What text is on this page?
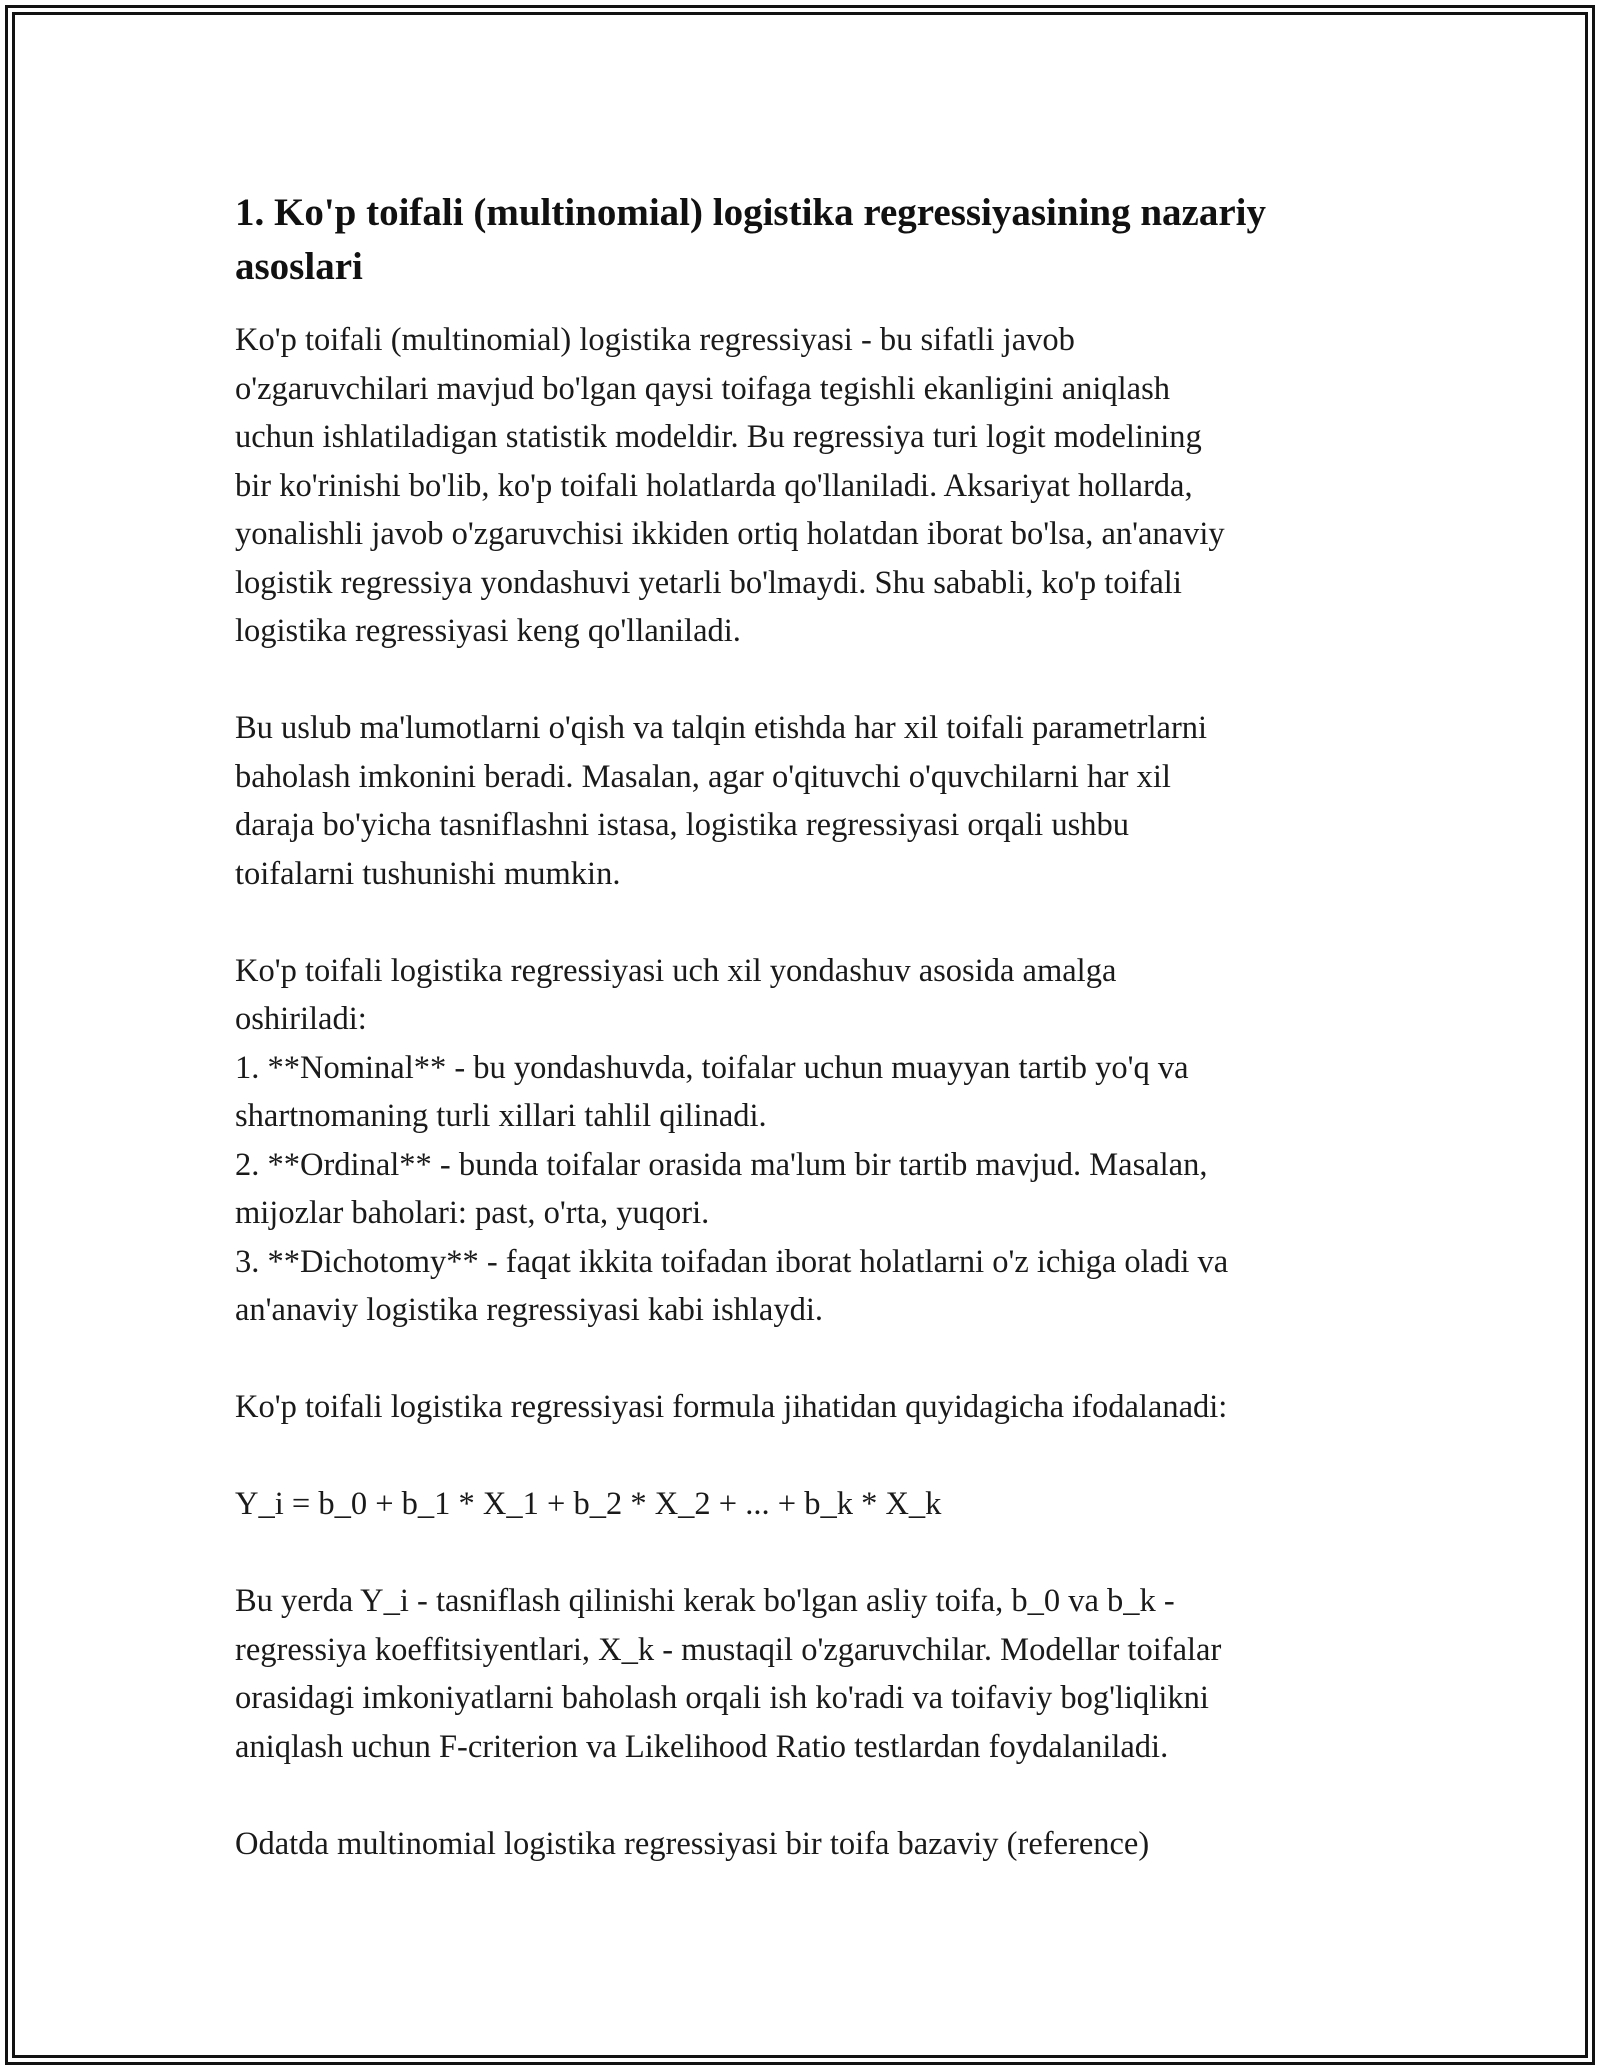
1. Ko'p toifali (multinomial) logistika regressiyasining nazariy
asoslari

Ko'p toifali (multinomial) logistika regressiyasi - bu sifatli javob
o'zgaruvchilari mavjud bo'lgan qaysi toifaga tegishli ekanligini aniqlash
uchun ishlatiladigan statistik modeldir. Bu regressiya turi logit modelining
bir ko'rinishi bo'lib, ko'p toifali holatlarda qo'llaniladi. Aksariyat hollarda,
yonalishli javob o'zgaruvchisi ikkiden ortiq holatdan iborat bo'lsa, an'anaviy
logistik regressiya yondashuvi yetarli bo'lmaydi. Shu sababli, ko'p toifali
logistika regressiyasi keng qo'llaniladi.

Bu uslub ma'lumotlarni o'qish va talqin etishda har xil toifali parametrlarni
baholash imkonini beradi. Masalan, agar o'qituvchi o'quvchilarni har xil
daraja bo'yicha tasniflashni istasa, logistika regressiyasi orqali ushbu
toifalarni tushunishi mumkin.

Ko'p toifali logistika regressiyasi uch xil yondashuv asosida amalga
oshiriladi:
1. **Nominal** - bu yondashuvda, toifalar uchun muayyan tartib yo'q va
shartnomaning turli xillari tahlil qilinadi.
2. **Ordinal** - bunda toifalar orasida ma'lum bir tartib mavjud. Masalan,
mijozlar baholari: past, o'rta, yuqori.
3. **Dichotomy** - faqat ikkita toifadan iborat holatlarni o'z ichiga oladi va
an'anaviy logistika regressiyasi kabi ishlaydi.

Ko'p toifali logistika regressiyasi formula jihatidan quyidagicha ifodalanadi:

Y_i = b_0 + b_1 * X_1 + b_2 * X_2 + ... + b_k * X_k

Bu yerda Y_i - tasniflash qilinishi kerak bo'lgan asliy toifa, b_0 va b_k -
regressiya koeffitsiyentlari, X_k - mustaqil o'zgaruvchilar. Modellar toifalar
orasidagi imkoniyatlarni baholash orqali ish ko'radi va toifaviy bog'liqlikni
aniqlash uchun F-criterion va Likelihood Ratio testlardan foydalaniladi.

Odatda multinomial logistika regressiyasi bir toifa bazaviy (reference)
